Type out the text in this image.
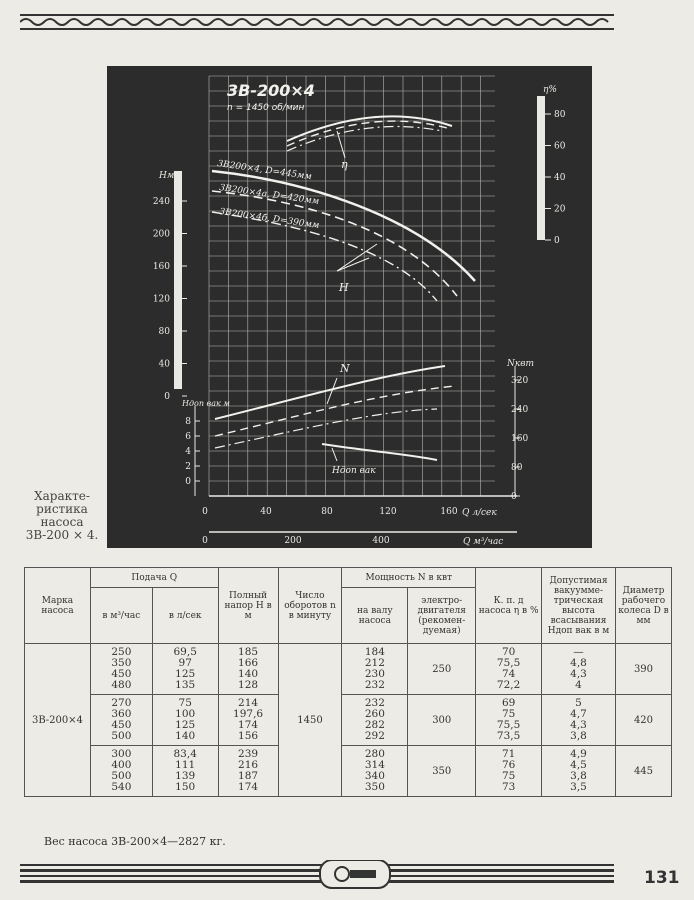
3В-200×4
n = 1450 об/мин
η
3В200×4, D=445мм
3В200×4а, D=420мм
3В200×4б, D=390мм
H
N
Hдоп вак
Hм
240
200
160
120
80
40
0
Hдоп вак м
8
6
4
2
0
η%
80
60
40
20
0
Nквт
320
240
160
80
0
0	40	80	120	160 Q л/сек
0	200	400	Q м³/час
Характе-
ристика
насоса
3В-200 × 4.
Марка насоса	Подача Q		Полный напор H в м	Число оборотов n в минуту	Мощность N в квт		К. п. д насоса η в %	Допустимая вакуумме-трическая высота всасывания Hдоп вак в м	Диаметр рабочего колеса D в мм
	в м³/час	в л/сек			на валу насоса	электро-двигателя (рекомен-дуемая)			
3В-200×4	250
350
450
480	69,5
97
125
135	185
166
140
128	1450	184
212
230
232	250	70
75,5
74
72,2	—
4,8
4,3
4	390

	270
360
450
500	75
100
125
140	214
197,6
174
156		232
260
282
292	300	69
75
75,5
73,5	5
4,7
4,3
3,8	420

	300
400
500
540	83,4
111
139
150	239
216
187
174		280
314
340
350	350	71
76
75
73	4,9
4,5
3,8
3,5	445
Вес насоса 3В-200×4—2827 кг.
131
